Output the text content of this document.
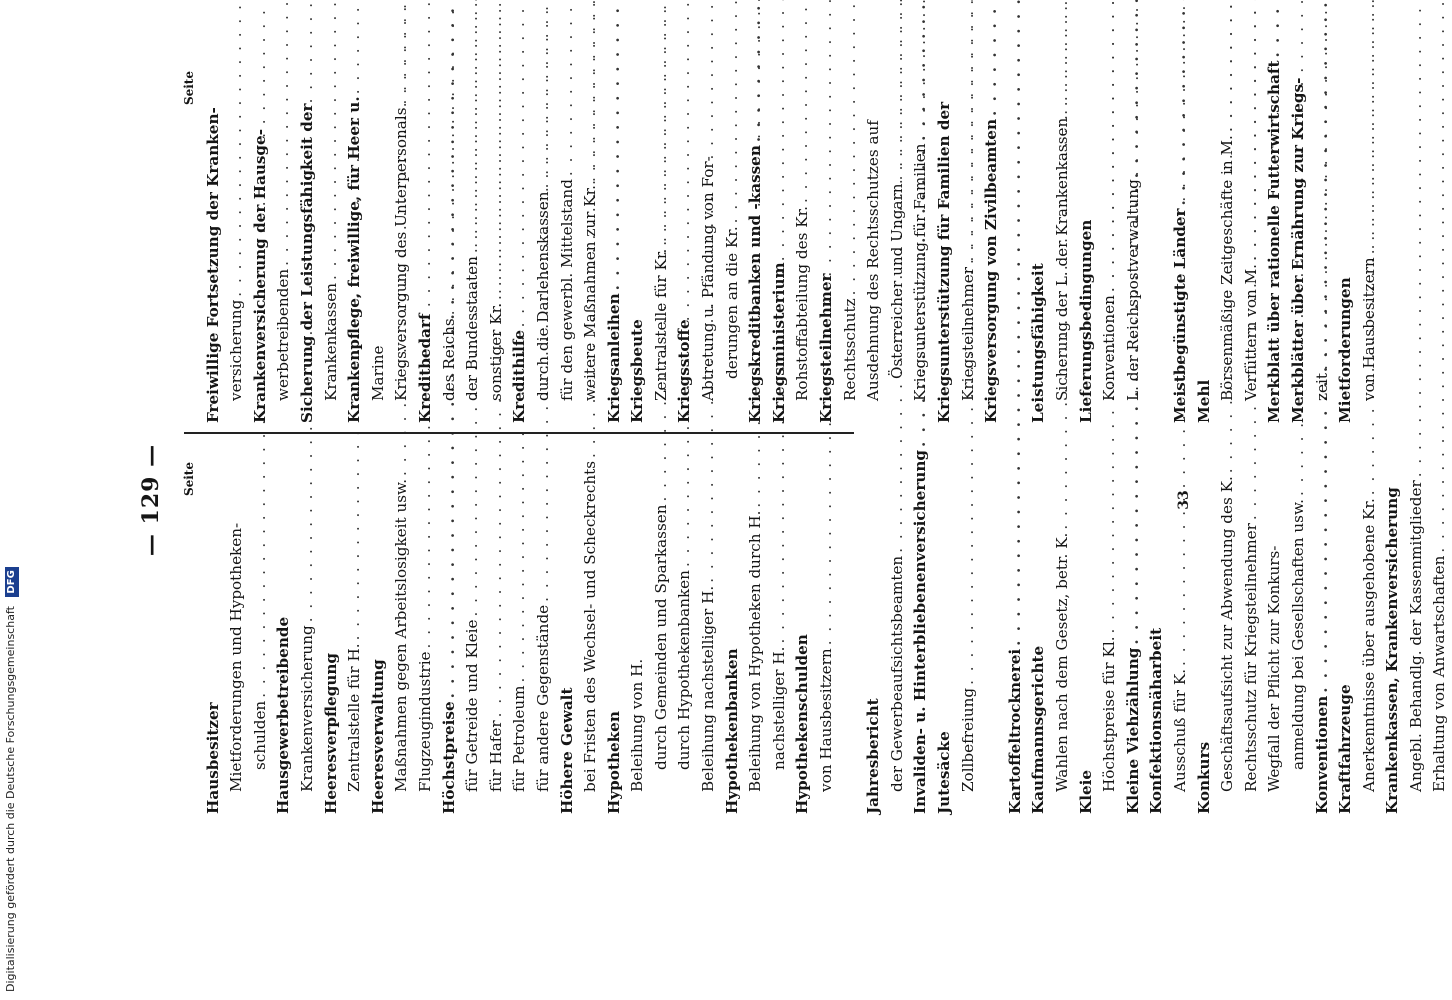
— 129 —	Seite
Hausbesitzer Mietforderungen und Hypotheken- schulden
. . . Hausgewerbetreibende Krankenversicherung
. . . Heeresverpflegung Zentralstelle für H.
. . . Heeresverwaltung Maßnahmen gegen Arbeitslosigkeit usw.
. . . Flugzeugindustrie
. . . Höchstpreise
. . . für Getreide und Kleie
. . . für Hafer
. . . für Petroleum
. . . für andere Gegenstände
. . . Höhere Gewalt bei Fristen des Wechsel- und Scheckrechts
. . . Hypotheken Beleihung von H. durch Gemeinden und Sparkassen
. . . durch Hypothekenbanken
. . . Beleihung nachstelliger H.
. . . Hypothekenbanken Beleihung von Hypotheken durch H.
. . . nachstelliger H.
. . . Hypothekenschulden von Hausbesitzern
. . . Jahresbericht der Gewerbeaufsichtsbeamten
. . . Invaliden- u. Hinterbliebenenversicherung
. . . Jutesäcke Zollbefreiung
. . . Kartoffeltrocknerei
. . . Kaufmannsgerichte Wahlen nach dem Gesetz, betr. K.
. . . Kleie Höchstpreise für Kl.
. . . Kleine Viehzählung
. . . Konfektionsnäharbeit Ausschuß für K.
. . . Konkurs Geschäftsaufsicht zur Abwendung des K.
. . . Rechtsschutz für Kriegsteilnehmer
. . . Wegfall der Pflicht zur Konkurs- anmeldung bei Gesellschaften usw.
. . . Konventionen
. . . Kraftfahrzeuge Anerkenntnisse über ausgehobene Kr.
. . . Krankenkassen, Krankenversicherung Angebl. Behandlg. der Kassenmitglieder
. . . Erhaltung von Anwartschaften
. . .
Seite
Freiwillige Fortsetzung der Kranken- versicherung . . . Krankenversicherung der Hausge- werbetreibenden
. . . Sicherung der Leistungsfähigkeit der Krankenkassen . . . Krankenpflege, freiwillige, für Heer u. Marine Kriegsversorgung des Unterpersonals
. . . Kreditbedarf des Reichs
. . . der Bundesstaaten
. . . sonstiger Kr.
. . . Kredithilfe durch die Darlehenskassen
. . . für den gewerbl. Mittelstand
. . . weitere Maßnahmen zur Kr.
. . . Kriegsanleihen
. . . Kriegsbeute Zentralstelle für Kr.
. . . Kriegsstoffe Abtretung u. Pfändung von For- derungen an die Kr.
. . . Kriegskreditbanken und -kassen
. . . Kriegsministerium Rohstoffabteilung des Kr.
. . . Kriegsteilnehmer Rechtsschutz . . . Ausdehnung des Rechtsschutzes auf Österreicher und Ungarn
. . . Kriegsunterstützung für Familien
. . . Kriegsunterstützung für Familien der Kriegsteilnehmer
. . . Kriegsversorgung von Zivilbeamten
. . . Leistungsfähigkeit Sicherung der L. der Krankenkassen
. . . Lieferungsbedingungen Konventionen
. . . L. der Reichspostverwaltung
. . . Meistbegünstigte Länder
. . . Mehl
Börsenmäßige Zeitgeschäfte in M.
. . . Verfüttern von M. . . . Merkblatt über rationelle Futterwirtschaft
. . . Merkblätter über Ernährung zur Kriegs- zeit . . . Mietforderungen von Hausbesitzern
. . .
33
Digitalisierung gefördert durch die Deutsche Forschungsgemeinschaft DFG
